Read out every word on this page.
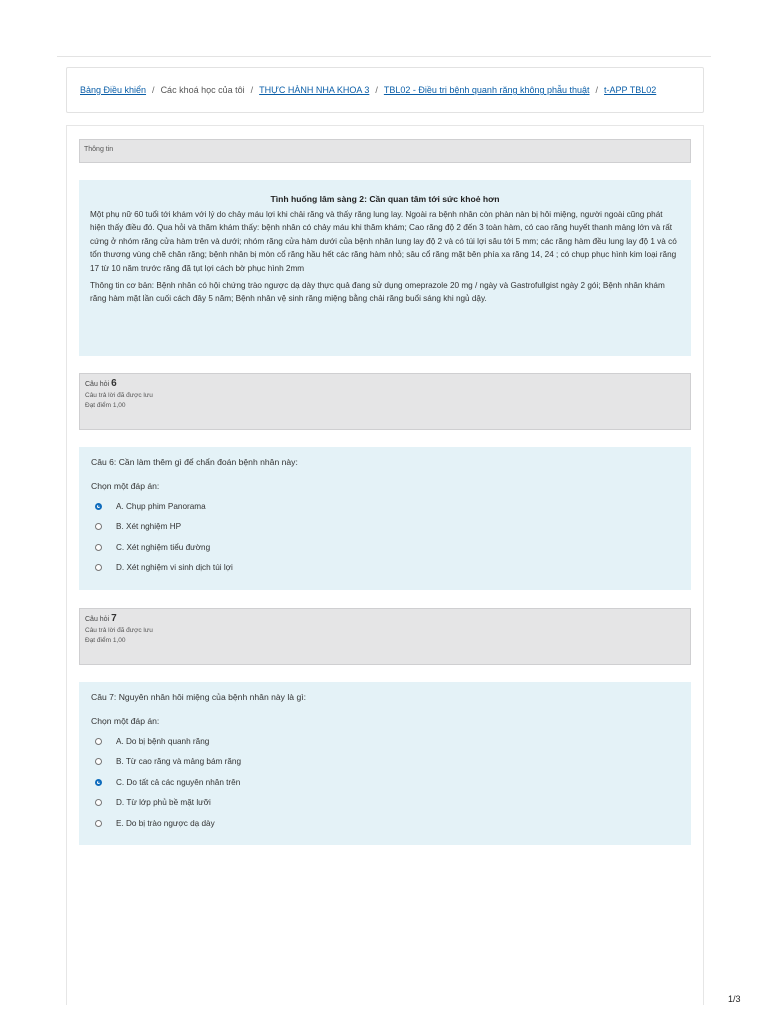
Bảng Điều khiển / Các khoá học của tôi / THỰC HÀNH NHA KHOA 3 / TBL02 - Điều trị bệnh quanh răng không phẫu thuật / t-APP TBL02
Thông tin
Tình huống lâm sàng 2: Cần quan tâm tới sức khoẻ hơn

Một phụ nữ 60 tuổi tới khám với lý do chảy máu lợi khi chải răng và thấy răng lung lay. Ngoài ra bệnh nhân còn phàn nàn bị hôi miệng, người ngoài cũng phát hiện thấy điều đó. Qua hỏi và thăm khám thấy: bệnh nhân có chảy máu khi thăm khám; Cao răng độ 2 đến 3 toàn hàm, có cao răng huyết thanh mảng lớn và rất cứng ở nhóm răng cửa hàm trên và dưới; nhóm răng cửa hàm dưới của bệnh nhân lung lay độ 2 và có túi lợi sâu tới 5 mm; các răng hàm đều lung lay độ 1 và có tổn thương vùng chẽ chân răng; bệnh nhân bị mòn cổ răng hầu hết các răng hàm nhỏ; sâu cổ răng mặt bên phía xa răng 14, 24 ; có chụp phục hình kim loại răng 17 từ 10 năm trước răng đã tụt lợi cách bờ phục hình 2mm

Thông tin cơ bản: Bệnh nhân có hội chứng trào ngược dạ dày thực quả đang sử dụng omeprazole 20 mg / ngày và Gastrofullgist ngày 2 gói; Bệnh nhân khám răng hàm mặt lần cuối cách đây 5 năm; Bệnh nhân vệ sinh răng miệng bằng chải răng buổi sáng khi ngủ dậy.

Câu hỏi 6
Câu trả lời đã được lưu
Đạt điểm 1,00

Câu 6: Cần làm thêm gì để chẩn đoán bệnh nhân này:

Chọn một đáp án:

A. Chụp phim Panorama
B. Xét nghiệm HP
C. Xét nghiệm tiểu đường
D. Xét nghiệm vi sinh dịch túi lợi
Câu hỏi 7
Câu trả lời đã được lưu
Đạt điểm 1,00

Câu 7: Nguyên nhân hôi miệng của bệnh nhân này là gì:

Chọn một đáp án:

A. Do bị bệnh quanh răng
B. Từ cao răng và mảng bám răng
C. Do tất cả các nguyên nhân trên
D. Từ lớp phủ bề mặt lưỡi
E. Do bị trào ngược dạ dày
1/3
